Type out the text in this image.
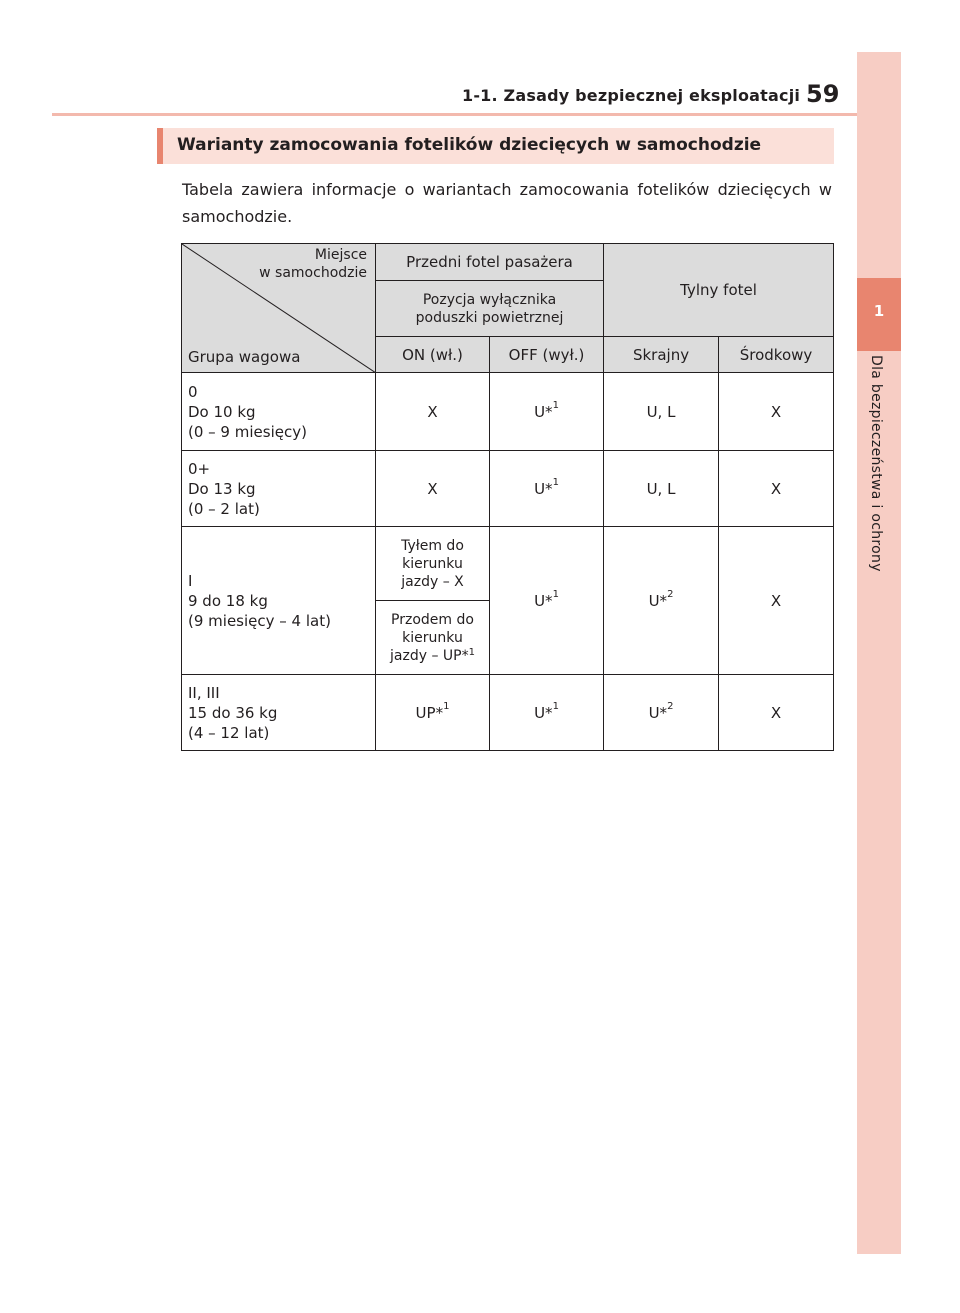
1-1. Zasady bezpiecznej eksploatacji 59
1
Dla bezpieczeństwa i ochrony
Warianty zamocowania fotelików dziecięcych w samochodzie
Tabela zawiera informacje o wariantach zamocowania fotelików dziecięcych w samochodzie.
Miejsce
w samochodzie
Grupa wagowa	Przedni fotel pasażera		Tylny fotel	
	Pozycja wyłącznika
poduszki powietrznej			
	ON (wł.)	OFF (wył.)	Skrajny	Środkowy
0
Do 10 kg
(0 – 9 miesięcy)	X	U*$^1$	U, L	X
0+
Do 13 kg
(0 – 2 lat)	X	U*$^1$	U, L	X
I
9 do 18 kg
(9 miesięcy – 4 lat)	Tyłem do
kierunku
jazdy – X	U*$^1$	U*$^2$	X
	Przodem do
kierunku
jazdy – UP*$^1$
II, III
15 do 36 kg
(4 – 12 lat)	UP*$^1$	U*$^1$	U*$^2$	X
